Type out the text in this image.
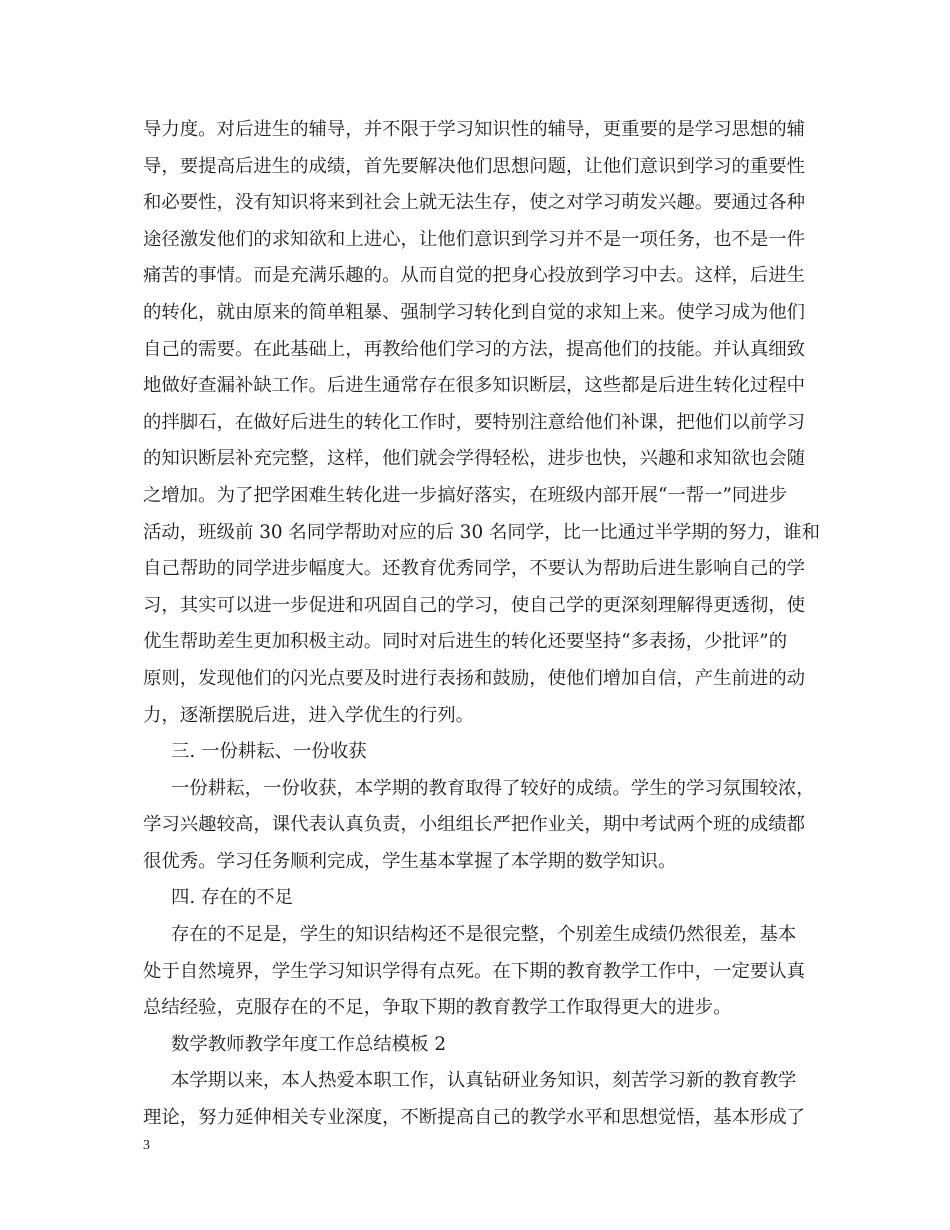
导力度。对后进生的辅导，并不限于学习知识性的辅导，更重要的是学习思想的辅
导，要提高后进生的成绩，首先要解决他们思想问题，让他们意识到学习的重要性
和必要性，没有知识将来到社会上就无法生存，使之对学习萌发兴趣。要通过各种
途径激发他们的求知欲和上进心，让他们意识到学习并不是一项任务，也不是一件
痛苦的事情。而是充满乐趣的。从而自觉的把身心投放到学习中去。这样，后进生
的转化，就由原来的简单粗暴、强制学习转化到自觉的求知上来。使学习成为他们
自己的需要。在此基础上，再教给他们学习的方法，提高他们的技能。并认真细致
地做好查漏补缺工作。后进生通常存在很多知识断层，这些都是后进生转化过程中
的拌脚石，在做好后进生的转化工作时，要特别注意给他们补课，把他们以前学习
的知识断层补充完整，这样，他们就会学得轻松，进步也快，兴趣和求知欲也会随
之增加。为了把学困难生转化进一步搞好落实，在班级内部开展“一帮一”同进步
活动，班级前 30 名同学帮助对应的后 30 名同学，比一比通过半学期的努力，谁和
自己帮助的同学进步幅度大。还教育优秀同学，不要认为帮助后进生影响自己的学
习，其实可以进一步促进和巩固自己的学习，使自己学的更深刻理解得更透彻，使
优生帮助差生更加积极主动。同时对后进生的转化还要坚持“多表扬，少批评”的
原则，发现他们的闪光点要及时进行表扬和鼓励，使他们增加自信，产生前进的动
力，逐渐摆脱后进，进入学优生的行列。
三. 一份耕耘、一份收获
一份耕耘，一份收获，本学期的教育取得了较好的成绩。学生的学习氛围较浓，
学习兴趣较高，课代表认真负责，小组组长严把作业关，期中考试两个班的成绩都
很优秀。学习任务顺利完成，学生基本掌握了本学期的数学知识。
四. 存在的不足
存在的不足是，学生的知识结构还不是很完整，个别差生成绩仍然很差，基本
处于自然境界，学生学习知识学得有点死。在下期的教育教学工作中，一定要认真
总结经验，克服存在的不足，争取下期的教育教学工作取得更大的进步。
数学教师教学年度工作总结模板 2
本学期以来，本人热爱本职工作，认真钻研业务知识，刻苦学习新的教育教学
理论，努力延伸相关专业深度，不断提高自己的教学水平和思想觉悟，基本形成了
3
